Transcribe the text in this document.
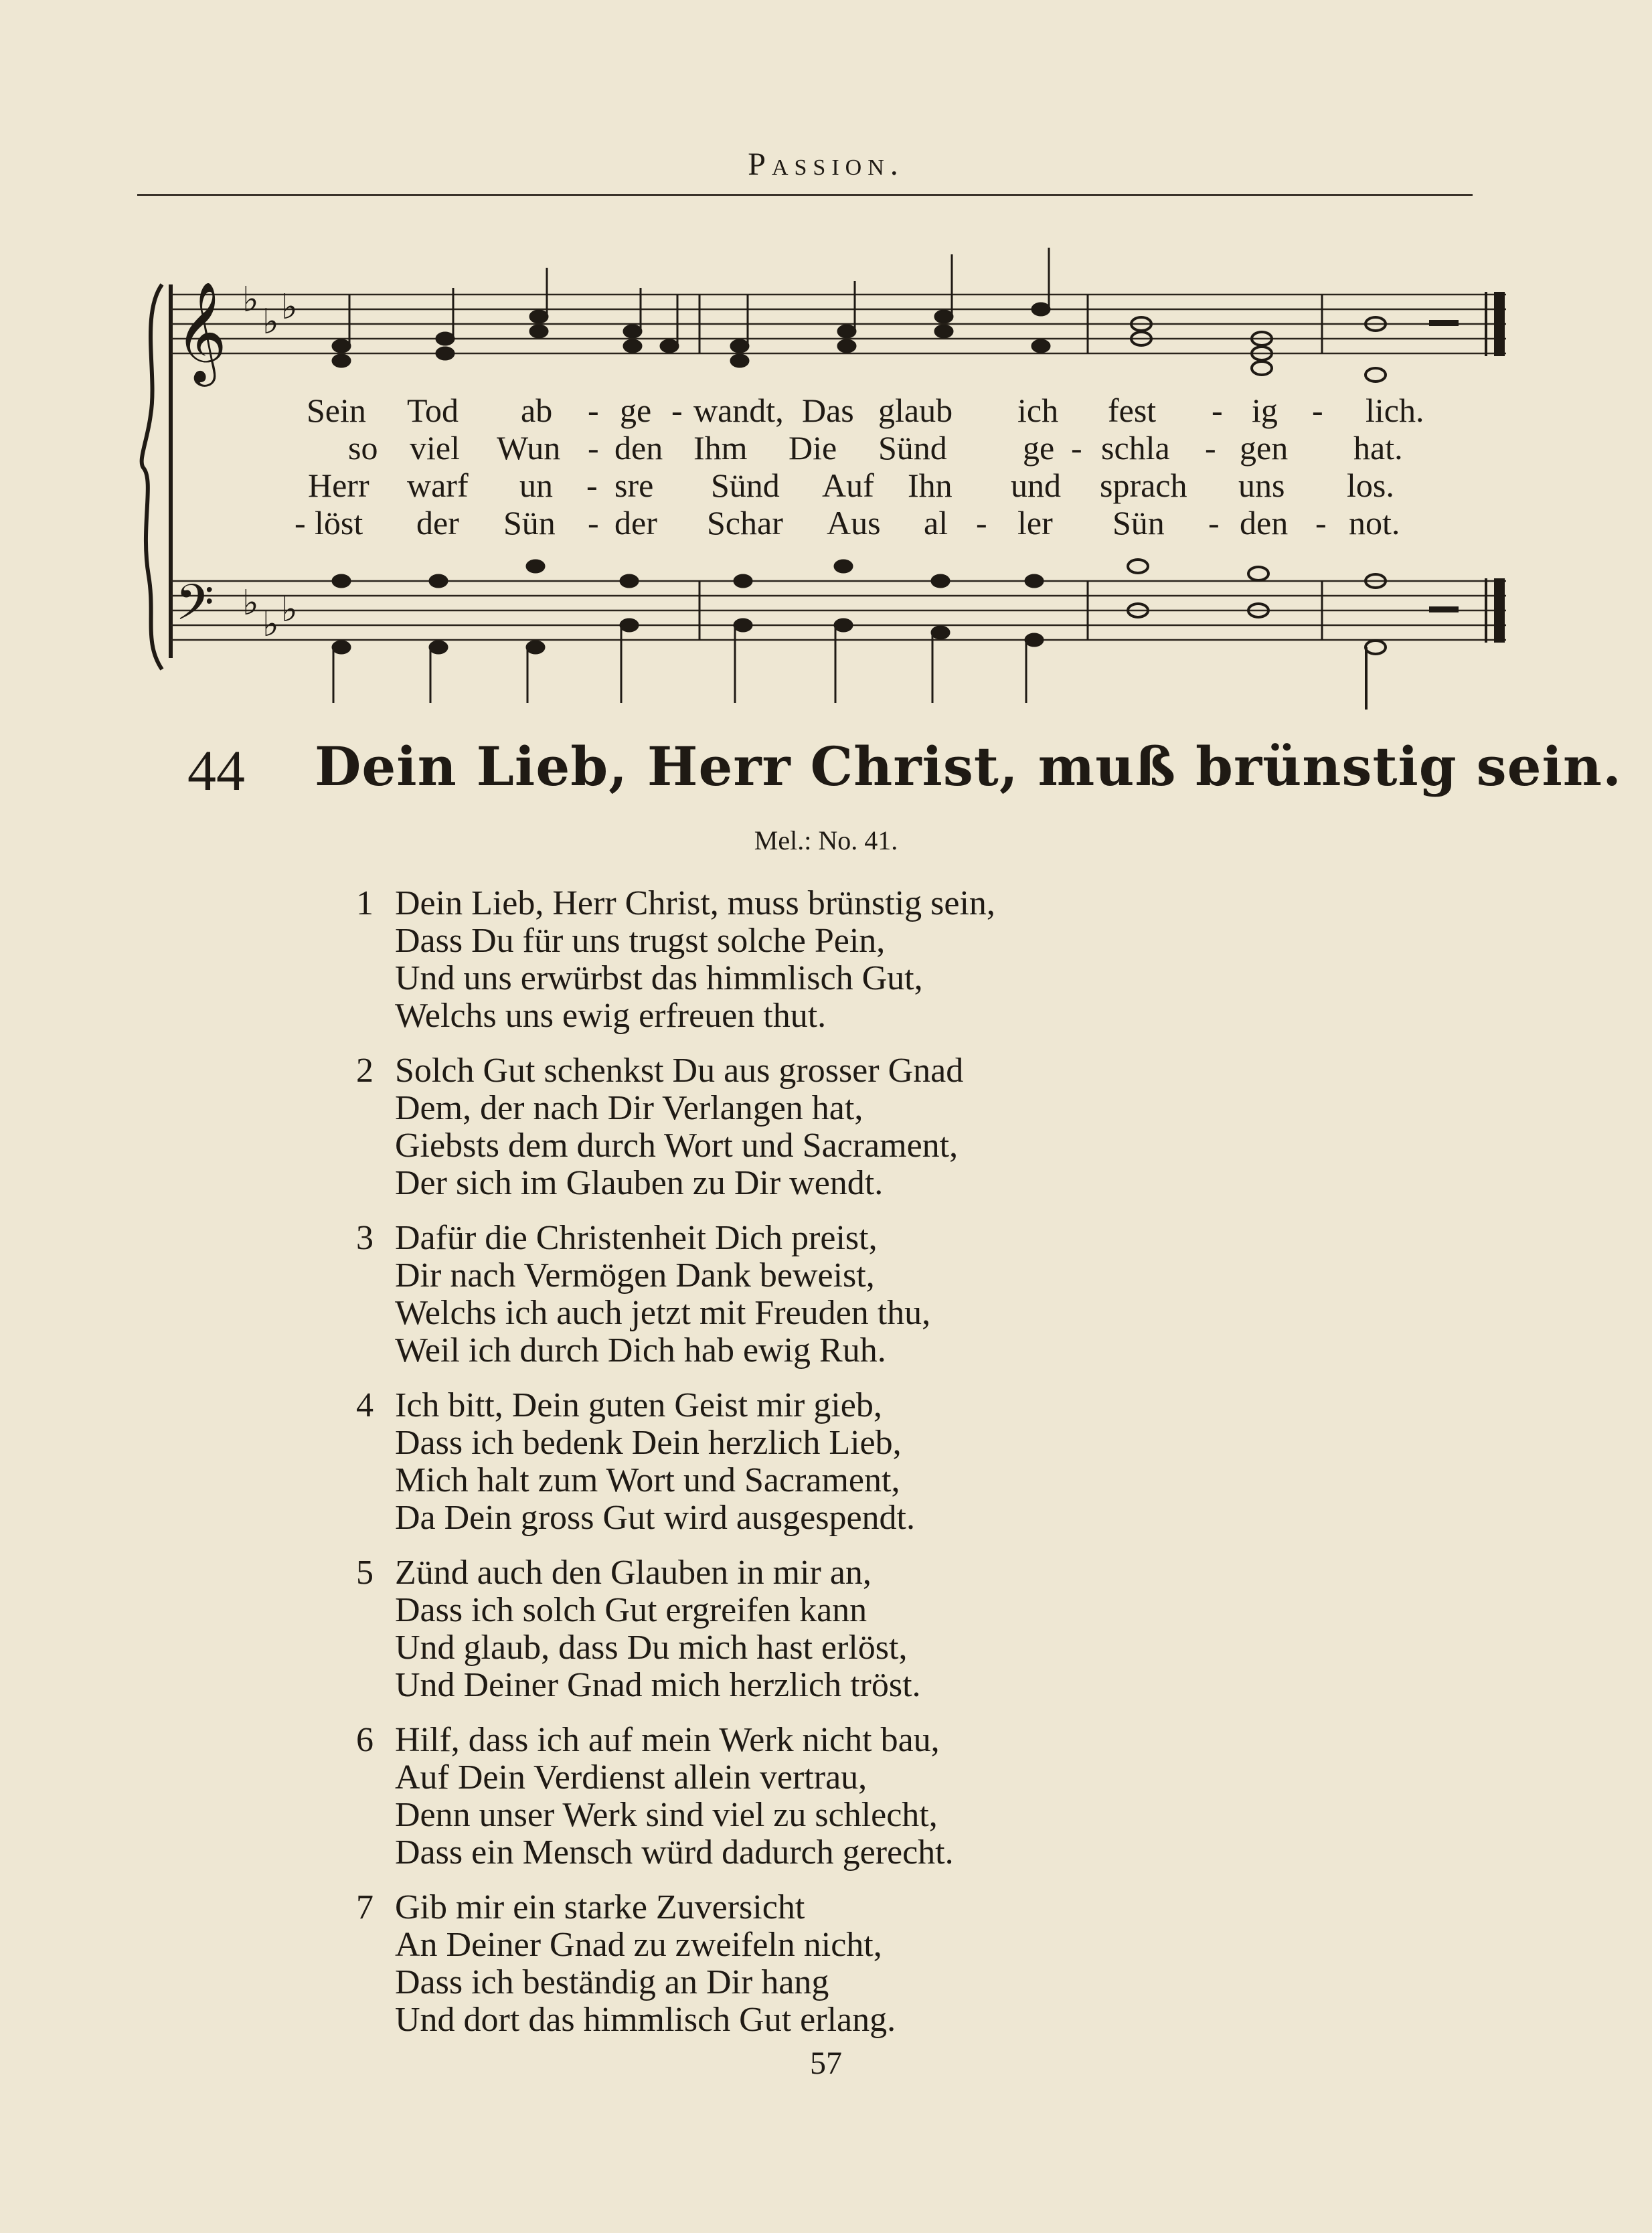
Passion.
𝄞
𝄢
♭
♭ ♭
♭
♭ ♭
Sein Tod ab - ge - wandt, Das glaub ich fest - ig - lich.
so viel Wun - den Ihm Die Sünd ge - schla - gen hat.
Herr warf un - sre Sünd Auf Ihn und sprach uns los.
- löst der Sün - der Schar Aus al - ler Sün - den - not.
44 Dein Lieb, Herr Christ, muß brünstig sein.
Mel.: No. 41.
1 Dein Lieb, Herr Christ, muss brünstig sein,
Dass Du für uns trugst solche Pein,
Und uns erwürbst das himmlisch Gut,
Welchs uns ewig erfreuen thut.
2 Solch Gut schenkst Du aus grosser Gnad
Dem, der nach Dir Verlangen hat,
Giebsts dem durch Wort und Sacrament,
Der sich im Glauben zu Dir wendt.
3 Dafür die Christenheit Dich preist,
Dir nach Vermögen Dank beweist,
Welchs ich auch jetzt mit Freuden thu,
Weil ich durch Dich hab ewig Ruh.
4 Ich bitt, Dein guten Geist mir gieb,
Dass ich bedenk Dein herzlich Lieb,
Mich halt zum Wort und Sacrament,
Da Dein gross Gut wird ausgespendt.
5 Zünd auch den Glauben in mir an,
Dass ich solch Gut ergreifen kann
Und glaub, dass Du mich hast erlöst,
Und Deiner Gnad mich herzlich tröst.
6 Hilf, dass ich auf mein Werk nicht bau,
Auf Dein Verdienst allein vertrau,
Denn unser Werk sind viel zu schlecht,
Dass ein Mensch würd dadurch gerecht.
7 Gib mir ein starke Zuversicht
An Deiner Gnad zu zweifeln nicht,
Dass ich beständig an Dir hang
Und dort das himmlisch Gut erlang.
57
